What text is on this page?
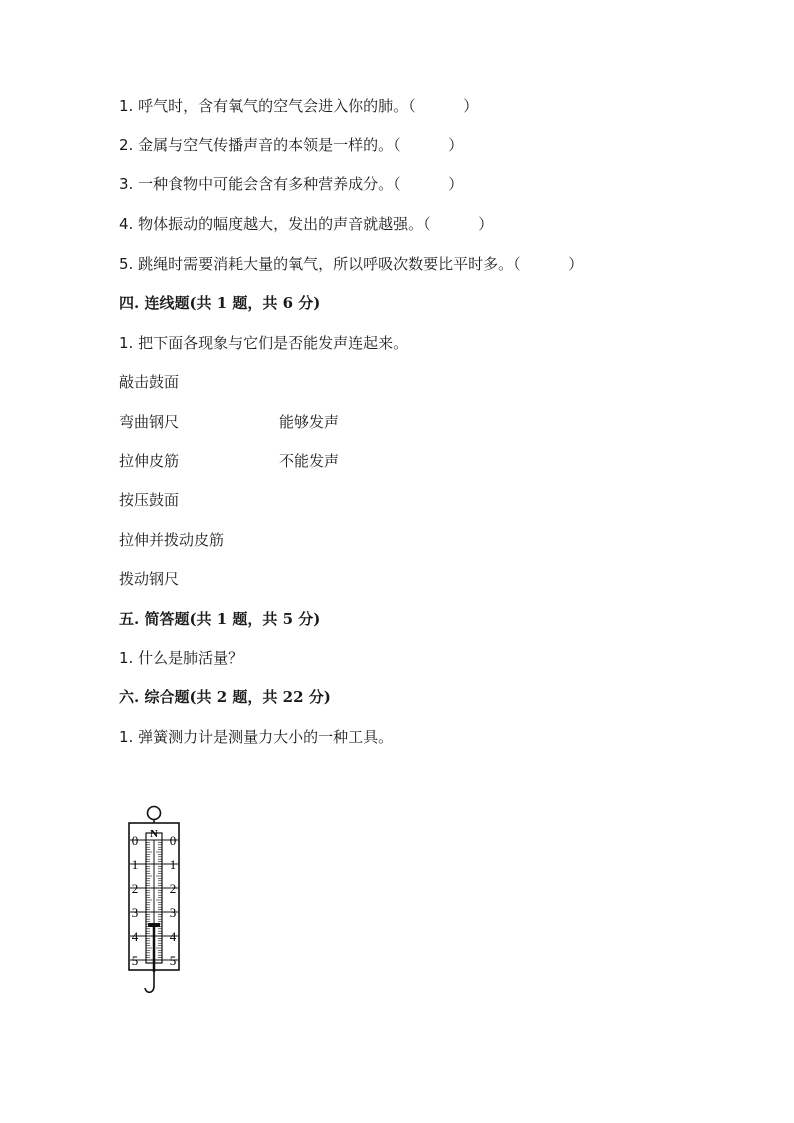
1. 呼气时，含有氧气的空气会进入你的肺。（          ）
2. 金属与空气传播声音的本领是一样的。（          ）
3. 一种食物中可能会含有多种营养成分。（          ）
4. 物体振动的幅度越大，发出的声音就越强。（          ）
5. 跳绳时需要消耗大量的氧气，所以呼吸次数要比平时多。（          ）
四. 连线题(共 1 题，共 6 分)
1. 把下面各现象与它们是否能发声连起来。
敲击鼓面
弯曲钢尺	能够发声
拉伸皮筋	不能发声
按压鼓面
拉伸并拨动皮筋
拨动钢尺
五. 简答题(共 1 题，共 5 分)
1. 什么是肺活量？
六. 综合题(共 2 题，共 22 分)
1. 弹簧测力计是测量力大小的一种工具。
N
0
1
2
3
4
5
0
1
2
3
4
5
